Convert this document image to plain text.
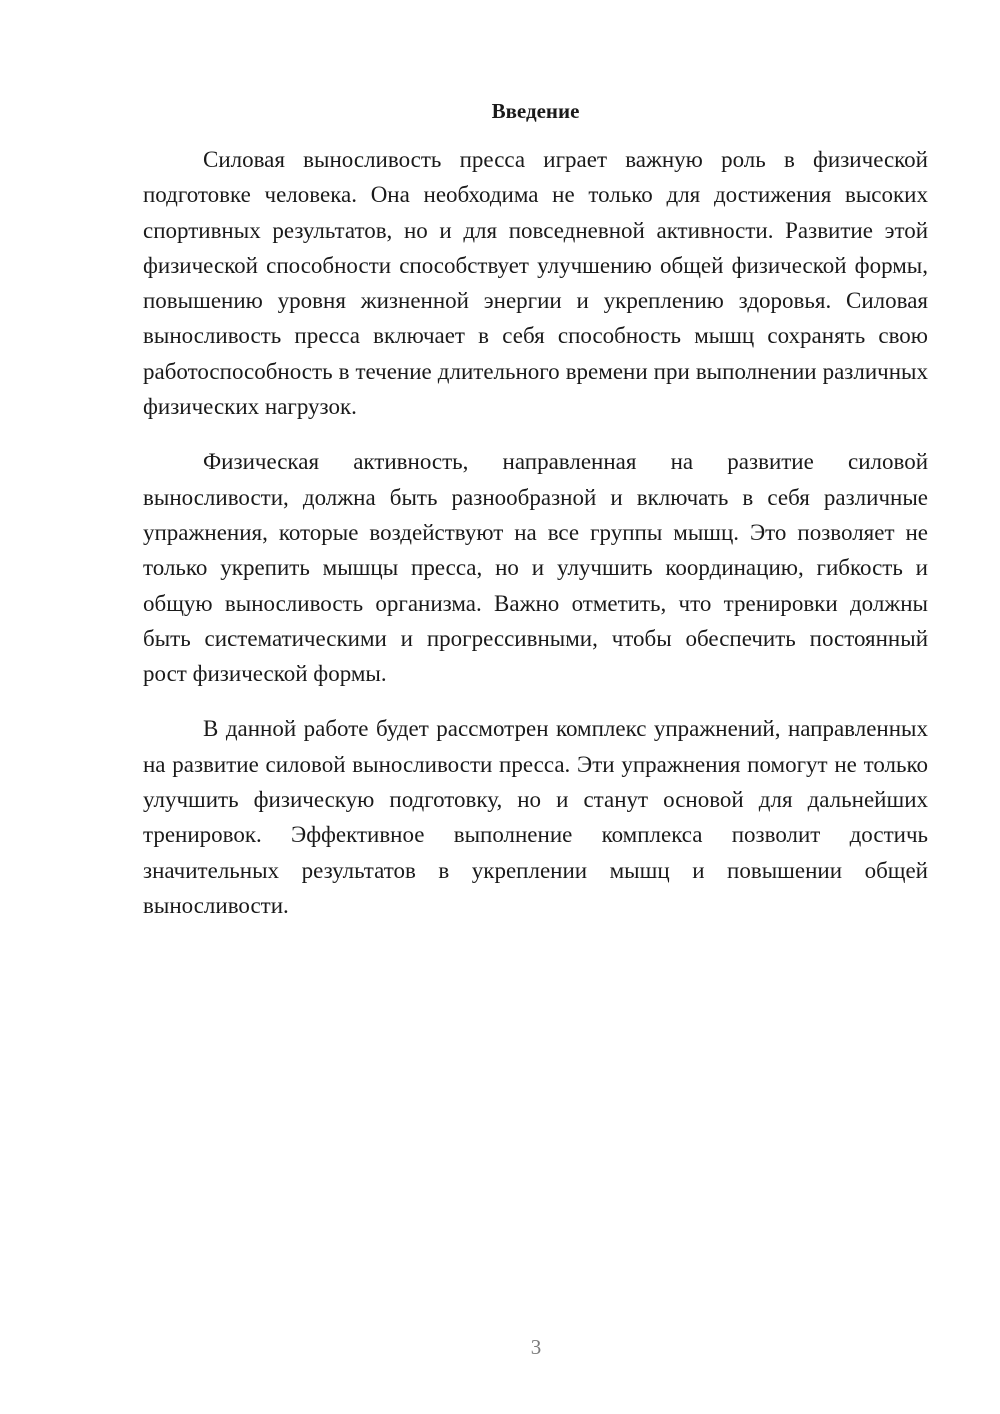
Введение

Силовая выносливость пресса играет важную роль в физической подготовке человека. Она необходима не только для достижения высоких спортивных результатов, но и для повседневной активности. Развитие этой физической способности способствует улучшению общей физической формы, повышению уровня жизненной энергии и укреплению здоровья. Силовая выносливость пресса включает в себя способность мышц сохранять свою работоспособность в течение длительного времени при выполнении различных физических нагрузок.

Физическая активность, направленная на развитие силовой выносливости, должна быть разнообразной и включать в себя различные упражнения, которые воздействуют на все группы мышц. Это позволяет не только укрепить мышцы пресса, но и улучшить координацию, гибкость и общую выносливость организма. Важно отметить, что тренировки должны быть систематическими и прогрессивными, чтобы обеспечить постоянный рост физической формы.

В данной работе будет рассмотрен комплекс упражнений, направленных на развитие силовой выносливости пресса. Эти упражнения помогут не только улучшить физическую подготовку, но и станут основой для дальнейших тренировок. Эффективное выполнение комплекса позволит достичь значительных результатов в укреплении мышц и повышении общей выносливости.

3
